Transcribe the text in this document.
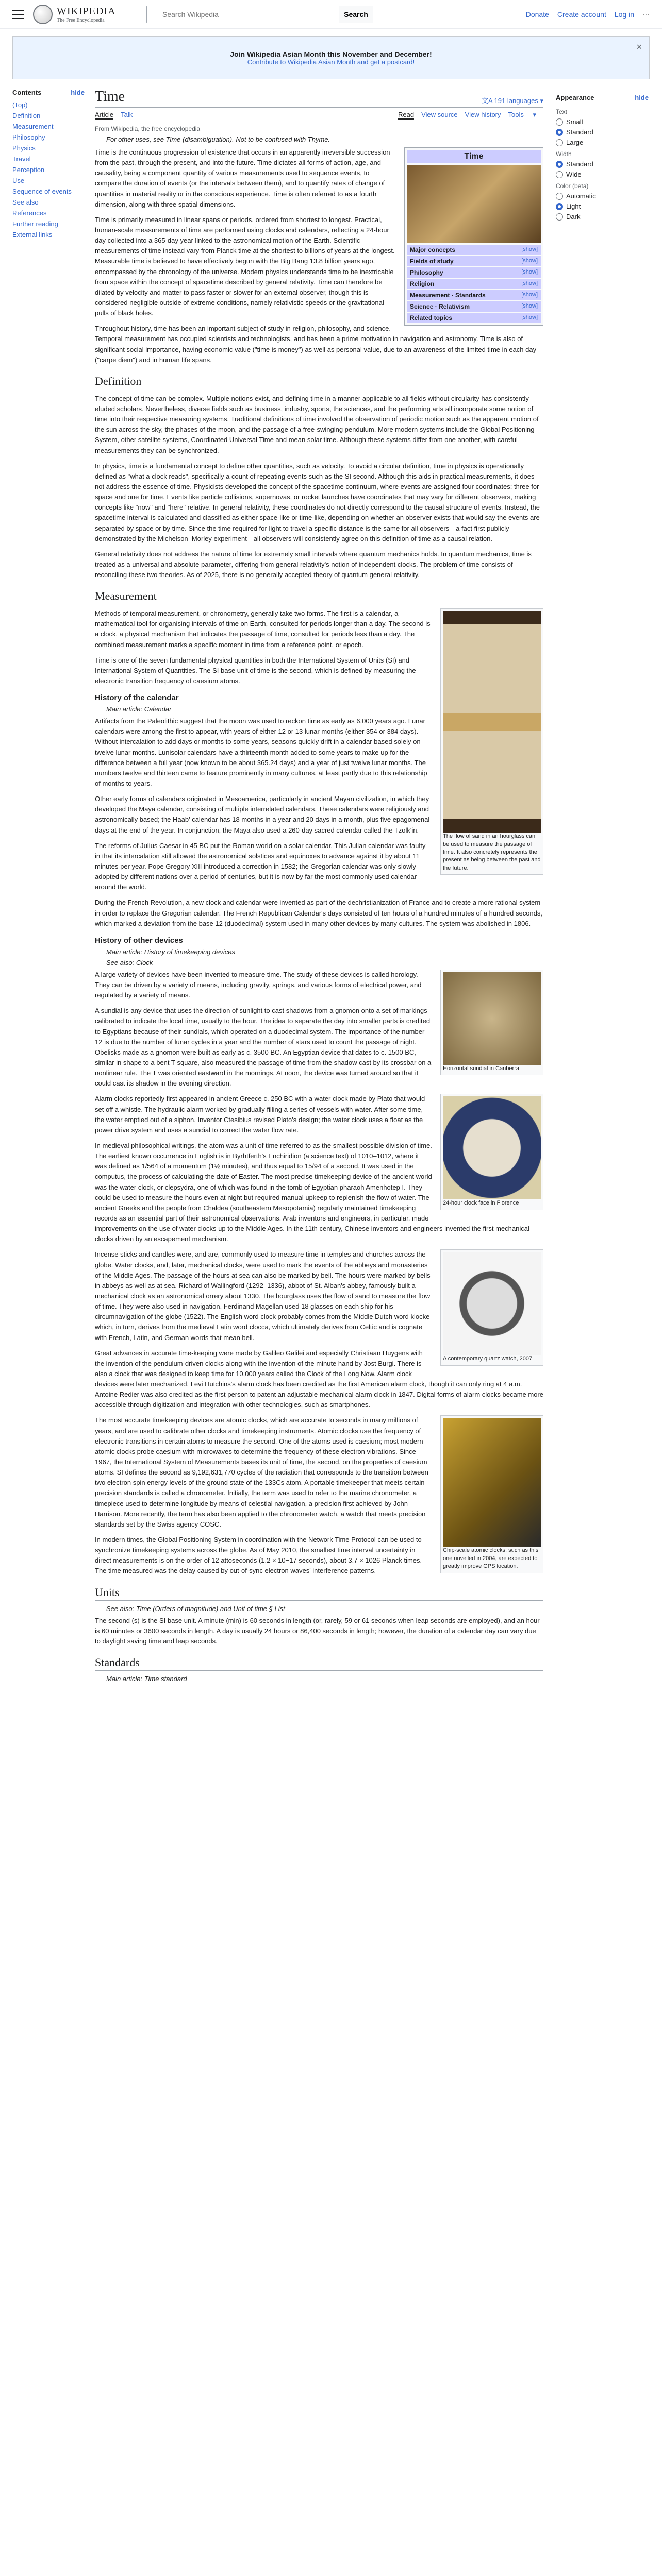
WIKIPEDIA
The Free Encyclopedia
Search Wikipedia
Search	Donate Create account Log in ⋯
Join Wikipedia Asian Month this November and December!
Contribute to Wikipedia Asian Month and get a postcard!
×
Contents	hide
(Top)
Definition
Measurement
Philosophy
Physics
Travel
Perception
Use
Sequence of events
See also
References
Further reading
External links
Time	文A 191 languages ▾
Article Talk	Read View source View history Tools ▾
From Wikipedia, the free encyclopedia
For other uses, see Time (disambiguation). Not to be confused with Thyme.
Time
Major concepts	[show]
Fields of study	[show]
Philosophy	[show]
Religion	[show]
Measurement · Standards	[show]
Science · Relativism	[show]
Related topics	[show]

Time is the continuous progression of existence that occurs in an apparently irreversible succession from the past, through the present, and into the future. Time dictates all forms of action, age, and causality, being a component quantity of various measurements used to sequence events, to compare the duration of events (or the intervals between them), and to quantify rates of change of quantities in material reality or in the conscious experience. Time is often referred to as a fourth dimension, along with three spatial dimensions.

Time is primarily measured in linear spans or periods, ordered from shortest to longest. Practical, human-scale measurements of time are performed using clocks and calendars, reflecting a 24-hour day collected into a 365-day year linked to the astronomical motion of the Earth. Scientific measurements of time instead vary from Planck time at the shortest to billions of years at the longest. Measurable time is believed to have effectively begun with the Big Bang 13.8 billion years ago, encompassed by the chronology of the universe. Modern physics understands time to be inextricable from space within the concept of spacetime described by general relativity. Time can therefore be dilated by velocity and matter to pass faster or slower for an external observer, though this is considered negligible outside of extreme conditions, namely relativistic speeds or the gravitational pulls of black holes.

Throughout history, time has been an important subject of study in religion, philosophy, and science. Temporal measurement has occupied scientists and technologists, and has been a prime motivation in navigation and astronomy. Time is also of significant social importance, having economic value ("time is money") as well as personal value, due to an awareness of the limited time in each day ("carpe diem") and in human life spans.

Definition

The concept of time can be complex. Multiple notions exist, and defining time in a manner applicable to all fields without circularity has consistently eluded scholars. Nevertheless, diverse fields such as business, industry, sports, the sciences, and the performing arts all incorporate some notion of time into their respective measuring systems. Traditional definitions of time involved the observation of periodic motion such as the apparent motion of the sun across the sky, the phases of the moon, and the passage of a free-swinging pendulum. More modern systems include the Global Positioning System, other satellite systems, Coordinated Universal Time and mean solar time. Although these systems differ from one another, with careful measurements they can be synchronized.

In physics, time is a fundamental concept to define other quantities, such as velocity. To avoid a circular definition, time in physics is operationally defined as "what a clock reads", specifically a count of repeating events such as the SI second. Although this aids in practical measurements, it does not address the essence of time. Physicists developed the concept of the spacetime continuum, where events are assigned four coordinates: three for space and one for time. Events like particle collisions, supernovas, or rocket launches have coordinates that may vary for different observers, making concepts like "now" and "here" relative. In general relativity, these coordinates do not directly correspond to the causal structure of events. Instead, the spacetime interval is calculated and classified as either space-like or time-like, depending on whether an observer exists that would say the events are separated by space or by time. Since the time required for light to travel a specific distance is the same for all observers—a fact first publicly demonstrated by the Michelson–Morley experiment—all observers will consistently agree on this definition of time as a causal relation.

General relativity does not address the nature of time for extremely small intervals where quantum mechanics holds. In quantum mechanics, time is treated as a universal and absolute parameter, differing from general relativity's notion of independent clocks. The problem of time consists of reconciling these two theories. As of 2025, there is no generally accepted theory of quantum general relativity.

Measurement
The flow of sand in an hourglass can be used to measure the passage of time. It also concretely represents the present as being between the past and the future.

Methods of temporal measurement, or chronometry, generally take two forms. The first is a calendar, a mathematical tool for organising intervals of time on Earth, consulted for periods longer than a day. The second is a clock, a physical mechanism that indicates the passage of time, consulted for periods less than a day. The combined measurement marks a specific moment in time from a reference point, or epoch.

Time is one of the seven fundamental physical quantities in both the International System of Units (SI) and International System of Quantities. The SI base unit of time is the second, which is defined by measuring the electronic transition frequency of caesium atoms.

History of the calendar
Main article: Calendar

Artifacts from the Paleolithic suggest that the moon was used to reckon time as early as 6,000 years ago. Lunar calendars were among the first to appear, with years of either 12 or 13 lunar months (either 354 or 384 days). Without intercalation to add days or months to some years, seasons quickly drift in a calendar based solely on twelve lunar months. Lunisolar calendars have a thirteenth month added to some years to make up for the difference between a full year (now known to be about 365.24 days) and a year of just twelve lunar months. The numbers twelve and thirteen came to feature prominently in many cultures, at least partly due to this relationship of months to years.

Other early forms of calendars originated in Mesoamerica, particularly in ancient Mayan civilization, in which they developed the Maya calendar, consisting of multiple interrelated calendars. These calendars were religiously and astronomically based; the Haab' calendar has 18 months in a year and 20 days in a month, plus five epagomenal days at the end of the year. In conjunction, the Maya also used a 260-day sacred calendar called the Tzolk'in.

The reforms of Julius Caesar in 45 BC put the Roman world on a solar calendar. This Julian calendar was faulty in that its intercalation still allowed the astronomical solstices and equinoxes to advance against it by about 11 minutes per year. Pope Gregory XIII introduced a correction in 1582; the Gregorian calendar was only slowly adopted by different nations over a period of centuries, but it is now by far the most commonly used calendar around the world.

During the French Revolution, a new clock and calendar were invented as part of the dechristianization of France and to create a more rational system in order to replace the Gregorian calendar. The French Republican Calendar's days consisted of ten hours of a hundred minutes of a hundred seconds, which marked a deviation from the base 12 (duodecimal) system used in many other devices by many cultures. The system was abolished in 1806.

History of other devices
Main article: History of timekeeping devices
See also: Clock
Horizontal sundial in Canberra

A large variety of devices have been invented to measure time. The study of these devices is called horology. They can be driven by a variety of means, including gravity, springs, and various forms of electrical power, and regulated by a variety of means.

A sundial is any device that uses the direction of sunlight to cast shadows from a gnomon onto a set of markings calibrated to indicate the local time, usually to the hour. The idea to separate the day into smaller parts is credited to Egyptians because of their sundials, which operated on a duodecimal system. The importance of the number 12 is due to the number of lunar cycles in a year and the number of stars used to count the passage of night. Obelisks made as a gnomon were built as early as c. 3500 BC. An Egyptian device that dates to c. 1500 BC, similar in shape to a bent T-square, also measured the passage of time from the shadow cast by its crossbar on a nonlinear rule. The T was oriented eastward in the mornings. At noon, the device was turned around so that it could cast its shadow in the evening direction.

24-hour clock face in Florence

Alarm clocks reportedly first appeared in ancient Greece c. 250 BC with a water clock made by Plato that would set off a whistle. The hydraulic alarm worked by gradually filling a series of vessels with water. After some time, the water emptied out of a siphon. Inventor Ctesibius revised Plato's design; the water clock uses a float as the power drive system and uses a sundial to correct the water flow rate.

In medieval philosophical writings, the atom was a unit of time referred to as the smallest possible division of time. The earliest known occurrence in English is in Byrhtferth's Enchiridion (a science text) of 1010–1012, where it was defined as 1/564 of a momentum (1½ minutes), and thus equal to 15/94 of a second. It was used in the computus, the process of calculating the date of Easter. The most precise timekeeping device of the ancient world was the water clock, or clepsydra, one of which was found in the tomb of Egyptian pharaoh Amenhotep I. They could be used to measure the hours even at night but required manual upkeep to replenish the flow of water. The ancient Greeks and the people from Chaldea (southeastern Mesopotamia) regularly maintained timekeeping records as an essential part of their astronomical observations. Arab inventors and engineers, in particular, made improvements on the use of water clocks up to the Middle Ages. In the 11th century, Chinese inventors and engineers invented the first mechanical clocks driven by an escapement mechanism.

A contemporary quartz watch, 2007

Incense sticks and candles were, and are, commonly used to measure time in temples and churches across the globe. Water clocks, and, later, mechanical clocks, were used to mark the events of the abbeys and monasteries of the Middle Ages. The passage of the hours at sea can also be marked by bell. The hours were marked by bells in abbeys as well as at sea. Richard of Wallingford (1292–1336), abbot of St. Alban's abbey, famously built a mechanical clock as an astronomical orrery about 1330. The hourglass uses the flow of sand to measure the flow of time. They were also used in navigation. Ferdinand Magellan used 18 glasses on each ship for his circumnavigation of the globe (1522). The English word clock probably comes from the Middle Dutch word klocke which, in turn, derives from the medieval Latin word clocca, which ultimately derives from Celtic and is cognate with French, Latin, and German words that mean bell.

Great advances in accurate time-keeping were made by Galileo Galilei and especially Christiaan Huygens with the invention of the pendulum-driven clocks along with the invention of the minute hand by Jost Burgi. There is also a clock that was designed to keep time for 10,000 years called the Clock of the Long Now. Alarm clock devices were later mechanized. Levi Hutchins's alarm clock has been credited as the first American alarm clock, though it can only ring at 4 a.m. Antoine Redier was also credited as the first person to patent an adjustable mechanical alarm clock in 1847. Digital forms of alarm clocks became more accessible through digitization and integration with other technologies, such as smartphones.

Chip-scale atomic clocks, such as this one unveiled in 2004, are expected to greatly improve GPS location.

The most accurate timekeeping devices are atomic clocks, which are accurate to seconds in many millions of years, and are used to calibrate other clocks and timekeeping instruments. Atomic clocks use the frequency of electronic transitions in certain atoms to measure the second. One of the atoms used is caesium; most modern atomic clocks probe caesium with microwaves to determine the frequency of these electron vibrations. Since 1967, the International System of Measurements bases its unit of time, the second, on the properties of caesium atoms. SI defines the second as 9,192,631,770 cycles of the radiation that corresponds to the transition between two electron spin energy levels of the ground state of the 133Cs atom. A portable timekeeper that meets certain precision standards is called a chronometer. Initially, the term was used to refer to the marine chronometer, a timepiece used to determine longitude by means of celestial navigation, a precision first achieved by John Harrison. More recently, the term has also been applied to the chronometer watch, a watch that meets precision standards set by the Swiss agency COSC.

In modern times, the Global Positioning System in coordination with the Network Time Protocol can be used to synchronize timekeeping systems across the globe. As of May 2010, the smallest time interval uncertainty in direct measurements is on the order of 12 attoseconds (1.2 × 10−17 seconds), about 3.7 × 1026 Planck times. The time measured was the delay caused by out-of-sync electron waves' interference patterns.

Units
See also: Time (Orders of magnitude) and Unit of time § List

The second (s) is the SI base unit. A minute (min) is 60 seconds in length (or, rarely, 59 or 61 seconds when leap seconds are employed), and an hour is 60 minutes or 3600 seconds in length. A day is usually 24 hours or 86,400 seconds in length; however, the duration of a calendar day can vary due to daylight saving time and leap seconds.

Standards
Main article: Time standard
Appearance	hide
Text
Small
Standard
Large
Width
Standard
Wide
Color (beta)
Automatic
Light
Dark
